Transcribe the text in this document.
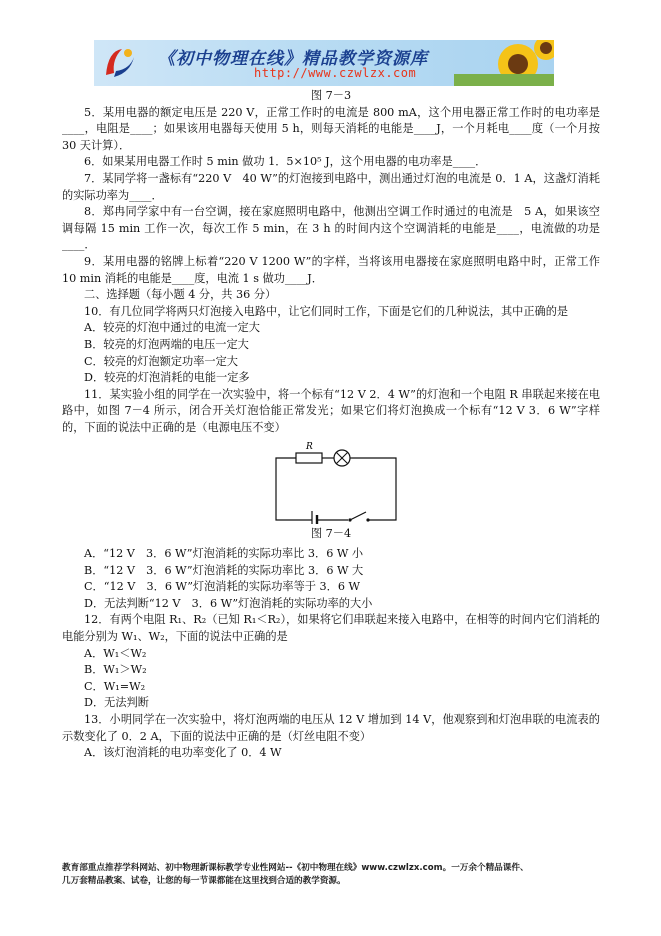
《初中物理在线》精品教学资源库
http://www.czwlzx.com

图 7－3

5．某用电器的额定电压是 220 V，正常工作时的电流是 800 mA，这个用电器正常工作时的电功率是____，电阻是____；如果该用电器每天使用 5 h，则每天消耗的电能是____J，一个月耗电____度（一个月按 30 天计算）．

6．如果某用电器工作时 5 min 做功 1．5×10⁵ J，这个用电器的电功率是____．

7．某同学将一盏标有“220 V　40 W”的灯泡接到电路中，测出通过灯泡的电流是 0．1 A，这盏灯消耗的实际功率为____．

8．郑冉同学家中有一台空调，接在家庭照明电路中，他测出空调工作时通过的电流是　5 A，如果该空调每隔 15 min 工作一次，每次工作 5 min，在 3 h 的时间内这个空调消耗的电能是____，电流做的功是____．

9．某用电器的铭牌上标着“220 V 1200 W”的字样，当将该用电器接在家庭照明电路中时，正常工作 10 min 消耗的电能是____度，电流 1 s 做功____J．

二、选择题（每小题 4 分，共 36 分）

10．有几位同学将两只灯泡接入电路中，让它们同时工作，下面是它们的几种说法，其中正确的是

A．较亮的灯泡中通过的电流一定大

B．较亮的灯泡两端的电压一定大

C．较亮的灯泡额定功率一定大

D．较亮的灯泡消耗的电能一定多

11．某实验小组的同学在一次实验中，将一个标有“12 V 2．4 W”的灯泡和一个电阻 R 串联起来接在电路中，如图 7－4 所示，闭合开关灯泡恰能正常发光；如果它们将灯泡换成一个标有“12 V 3．6 W”字样的，下面的说法中正确的是（电源电压不变）

R

图 7－4

A．“12 V　3．6 W”灯泡消耗的实际功率比 3．6 W 小

B．“12 V　3．6 W”灯泡消耗的实际功率比 3．6 W 大

C．“12 V　3．6 W”灯泡消耗的实际功率等于 3．6 W

D．无法判断“12 V　3．6 W”灯泡消耗的实际功率的大小

12．有两个电阻 R₁、R₂（已知 R₁＜R₂），如果将它们串联起来接入电路中，在相等的时间内它们消耗的电能分别为 W₁、W₂，下面的说法中正确的是

A．W₁＜W₂

B．W₁＞W₂

C．W₁=W₂

D．无法判断

13．小明同学在一次实验中，将灯泡两端的电压从 12 V 增加到 14 V，他观察到和灯泡串联的电流表的示数变化了 0．2 A，下面的说法中正确的是（灯丝电阻不变）

A．该灯泡消耗的电功率变化了 0．4 W

教育部重点推荐学科网站、初中物理新课标教学专业性网站--《初中物理在线》www.czwlzx.com。一万余个精品课件、
几万套精品教案、试卷，让您的每一节课都能在这里找到合适的教学资源。
